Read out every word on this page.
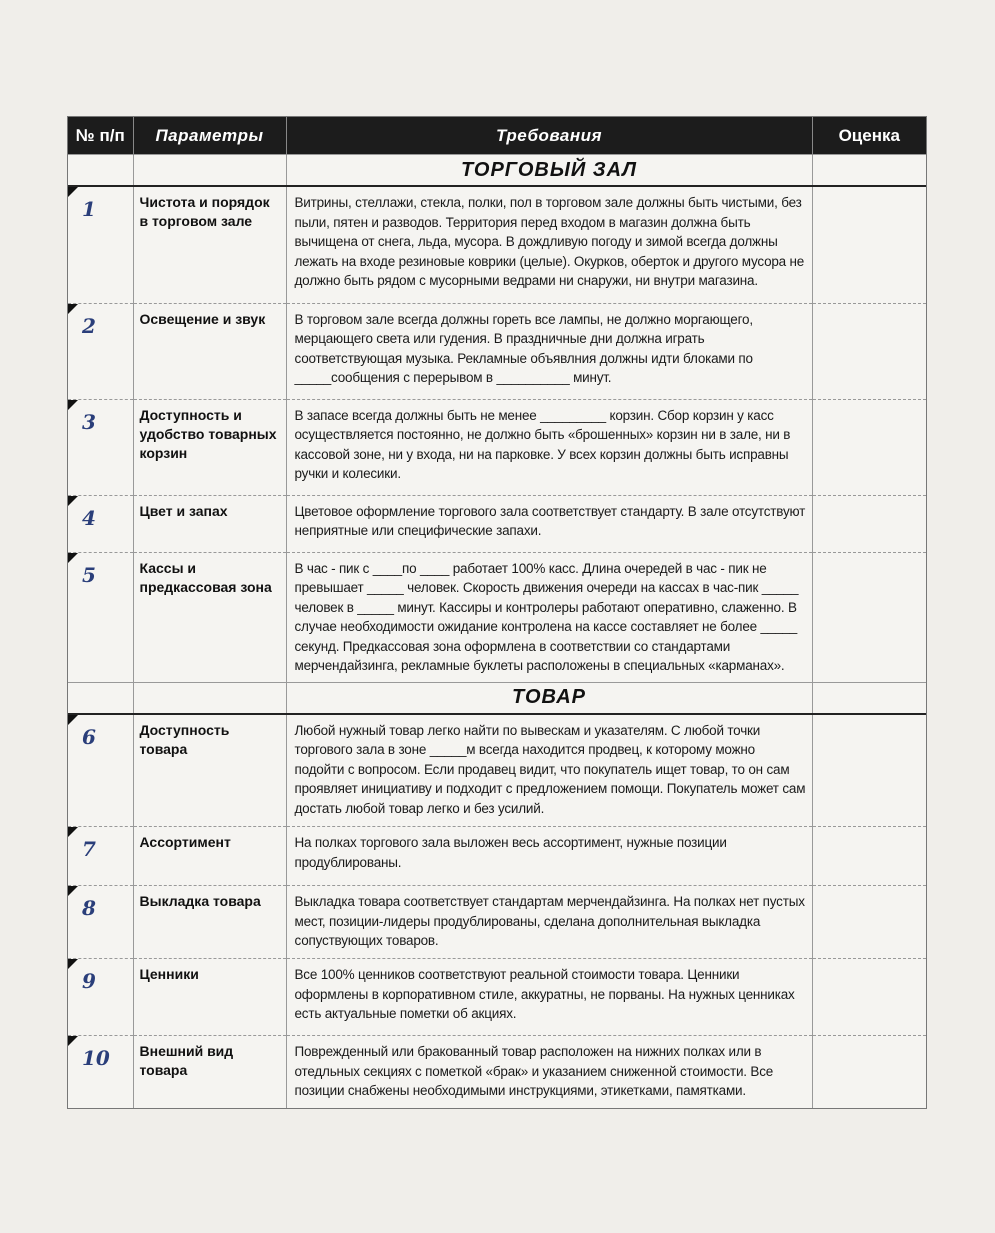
№ п/п	Параметры	Требования	Оценка
		ТОРГОВЫЙ ЗАЛ	

1	Чистота и порядок в торговом зале	Витрины, стеллажи, стекла, полки, пол в торговом зале должны быть чистыми, без пыли, пятен и разводов. Территория перед входом в магазин должна быть вычищена от снега, льда, мусора. В дождливую погоду и зимой всегда должны лежать на входе резиновые коврики (целые). Окурков, оберток и другого мусора не должно быть рядом с мусорными ведрами ни снаружи, ни внутри магазина.	

2	Освещение и звук	В торговом зале всегда должны гореть все лампы, не должно моргающего, мерцающего света или гудения. В праздничные дни должна играть соответствующая музыка. Рекламные объявлния должны идти блоками по _____сообщения с перерывом в __________ минут.	

3	Доступность и удобство товарных корзин	В запасе всегда должны быть не менее _________ корзин. Сбор корзин у касс осуществляется постоянно, не должно быть «брошенных» корзин ни в зале, ни в кассовой зоне, ни у входа, ни на парковке. У всех корзин должны быть исправны ручки и колесики.	

4	Цвет и запах	Цветовое оформление торгового зала соответствует стандарту. В зале отсутствуют неприятные или специфические запахи.	

5	Кассы и предкассовая зона	В час - пик с ____по ____ работает 100% касс. Длина очередей в час - пик не превышает _____ человек. Скорость движения очереди на кассах в час-пик _____ человек в _____ минут. Кассиры и контролеры работают оперативно, слаженно. В случае необходимости ожидание контролена на кассе составляет не более _____ секунд. Предкассовая зона оформлена в соответствии со стандартами мерчендайзинга, рекламные буклеты расположены в специальных «карманах».	
		ТОВАР	

6	Доступность товара	Любой нужный товар легко найти по вывескам и указателям. С любой точки торгового зала в зоне _____м всегда находится продвец, к которому можно подойти с вопросом. Если продавец видит, что покупатель ищет товар, то он сам проявляет инициативу и подходит с предложением помощи. Покупатель может сам достать любой товар легко и без усилий.	

7	Ассортимент	На полках торгового зала выложен весь ассортимент, нужные позиции продублированы.	

8	Выкладка товара	Выкладка товара соответствует стандартам мерчендайзинга. На полках нет пустых мест, позиции-лидеры продублированы, сделана дополнительная выкладка сопуствующих товаров.	

9	Ценники	Все 100% ценников соответствуют реальной стоимости товара. Ценники оформлены в корпоративном стиле, аккуратны, не порваны. На нужных ценниках есть актуальные пометки об акциях.	

10	Внешний вид товара	Поврежденный или бракованный товар расположен на нижних полках или в отедльных секциях с пометкой «брак» и указанием сниженной стоимости. Все позиции снабжены необходимыми инструкциями, этикетками, памятками.	
